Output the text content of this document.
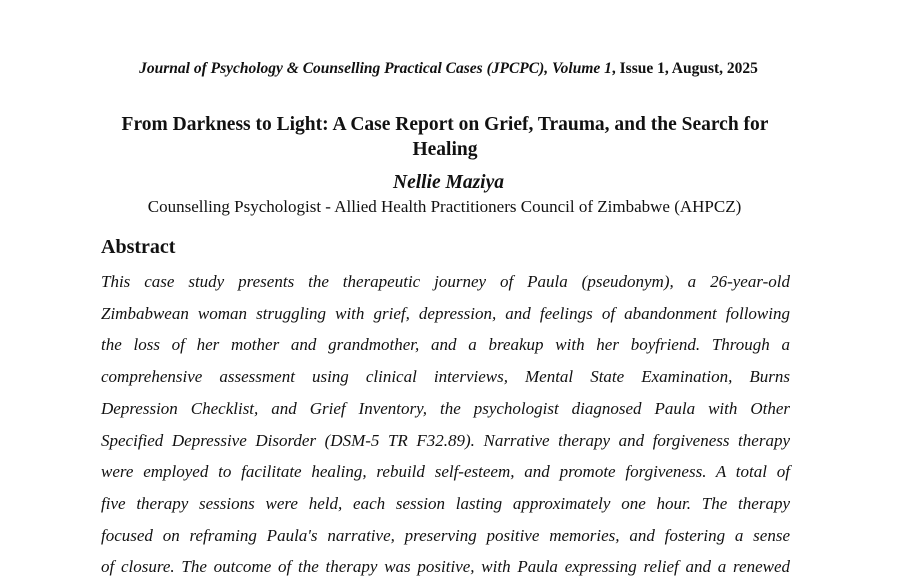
Journal of Psychology & Counselling Practical Cases (JPCPC), Volume 1, Issue 1, August, 2025
From Darkness to Light: A Case Report on Grief, Trauma, and the Search for Healing
Nellie Maziya
Counselling Psychologist - Allied Health Practitioners Council of Zimbabwe (AHPCZ)
Abstract
This case study presents the therapeutic journey of Paula (pseudonym), a 26-year-old
Zimbabwean woman struggling with grief, depression, and feelings of abandonment following
the loss of her mother and grandmother, and a breakup with her boyfriend. Through a
comprehensive assessment using clinical interviews, Mental State Examination, Burns
Depression Checklist, and Grief Inventory, the psychologist diagnosed Paula with Other
Specified Depressive Disorder (DSM-5 TR F32.89). Narrative therapy and forgiveness therapy
were employed to facilitate healing, rebuild self-esteem, and promote forgiveness. A total of
five therapy sessions were held, each session lasting approximately one hour. The therapy
focused on reframing Paula's narrative, preserving positive memories, and fostering a sense
of closure. The outcome of the therapy was positive, with Paula expressing relief and a renewed
